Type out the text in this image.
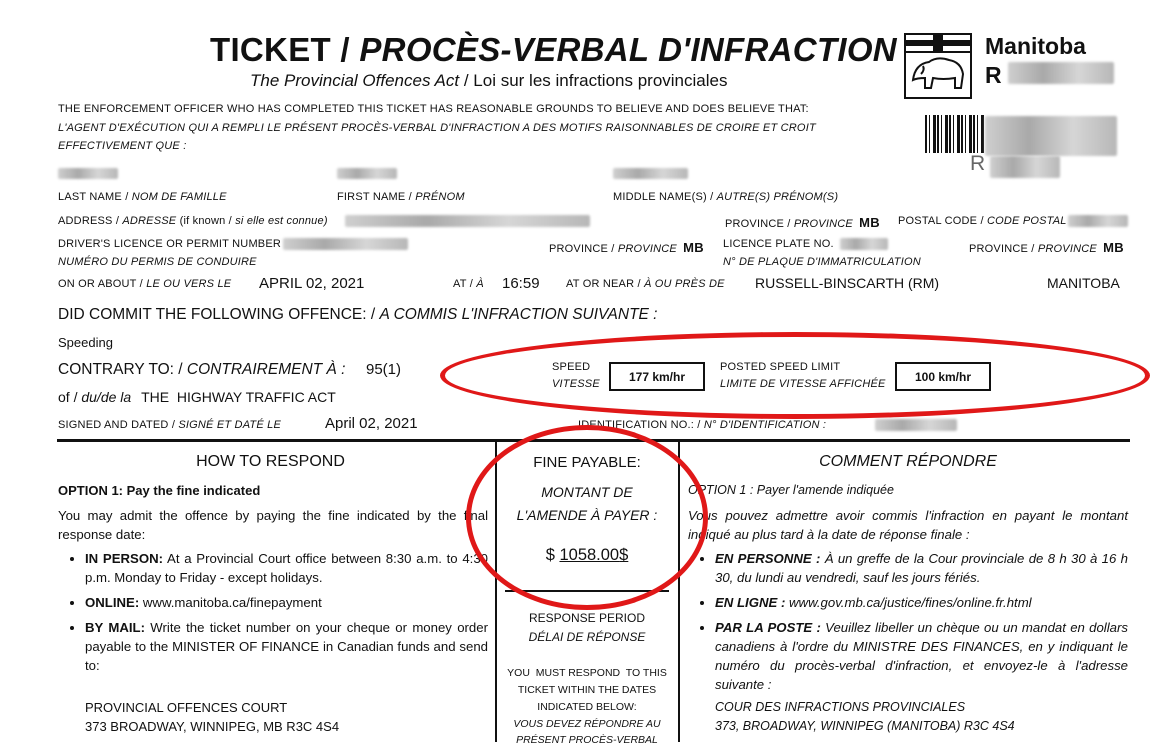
TICKET / PROCÈS-VERBAL D'INFRACTION
The Provincial Offences Act / Loi sur les infractions provinciales
Manitoba
R
R
THE ENFORCEMENT OFFICER WHO HAS COMPLETED THIS TICKET HAS REASONABLE GROUNDS TO BELIEVE AND DOES BELIEVE THAT:
L'AGENT D'EXÉCUTION QUI A REMPLI LE PRÉSENT PROCÈS-VERBAL D'INFRACTION A DES MOTIFS RAISONNABLES DE CROIRE ET CROIT
EFFECTIVEMENT QUE :
LAST NAME / NOM DE FAMILLE	FIRST NAME / PRÉNOM	MIDDLE NAME(S) / AUTRE(S) PRÉNOM(S)
ADDRESS / ADRESSE (if known / si elle est connue)	PROVINCE / PROVINCE MB POSTAL CODE / CODE POSTAL
DRIVER'S LICENCE OR PERMIT NUMBER
NUMÉRO DU PERMIS DE CONDUIRE
PROVINCE / PROVINCE MB LICENCE PLATE NO.
N° DE PLAQUE D'IMMATRICULATION
PROVINCE / PROVINCE MB
ON OR ABOUT / LE OU VERS LE APRIL 02, 2021	AT / À 16:59 AT OR NEAR / À OU PRÈS DE RUSSELL-BINSCARTH (RM)	MANITOBA
DID COMMIT THE FOLLOWING OFFENCE: / A COMMIS L'INFRACTION SUIVANTE :
Speeding
CONTRARY TO: / CONTRAIREMENT À : 95(1)
of / du/de la THE  HIGHWAY TRAFFIC ACT
SPEED
VITESSE
177 km/hr
POSTED SPEED LIMIT
LIMITE DE VITESSE AFFICHÉE
100 km/hr
SIGNED AND DATED / SIGNÉ ET DATÉ LE	April 02, 2021	IDENTIFICATION NO.: / N° D'IDENTIFICATION :
HOW TO RESPOND
OPTION 1: Pay the fine indicated
You may admit the offence by paying the fine indicated by the final response date:
• IN PERSON: At a Provincial Court office between 8:30 a.m. to 4:30 p.m. Monday to Friday - except holidays.
• ONLINE: www.manitoba.ca/finepayment
• BY MAIL: Write the ticket number on your cheque or money order payable to the MINISTER OF FINANCE in Canadian funds and send to:
PROVINCIAL OFFENCES COURT
373 BROADWAY, WINNIPEG, MB R3C 4S4
FINE PAYABLE:
MONTANT DE
L'AMENDE À PAYER :
$ 1058.00$
RESPONSE PERIOD
DÉLAI DE RÉPONSE
YOU  MUST RESPOND  TO THIS
TICKET WITHIN THE DATES
INDICATED BELOW:
VOUS DEVEZ RÉPONDRE AU
PRÉSENT PROCÈS-VERBAL
COMMENT RÉPONDRE
OPTION 1 : Payer l'amende indiquée
Vous pouvez admettre avoir commis l'infraction en payant le montant indiqué au plus tard à la date de réponse finale :
• EN PERSONNE : À un greffe de la Cour provinciale de 8 h 30 à 16 h 30, du lundi au vendredi, sauf les jours fériés.
• EN LIGNE : www.gov.mb.ca/justice/fines/online.fr.html
• PAR LA POSTE : Veuillez libeller un chèque ou un mandat en dollars canadiens à l'ordre du MINISTRE DES FINANCES, en y indiquant le numéro du procès-verbal d'infraction, et envoyez-le à l'adresse suivante :
COUR DES INFRACTIONS PROVINCIALES
373, BROADWAY, WINNIPEG (MANITOBA) R3C 4S4
